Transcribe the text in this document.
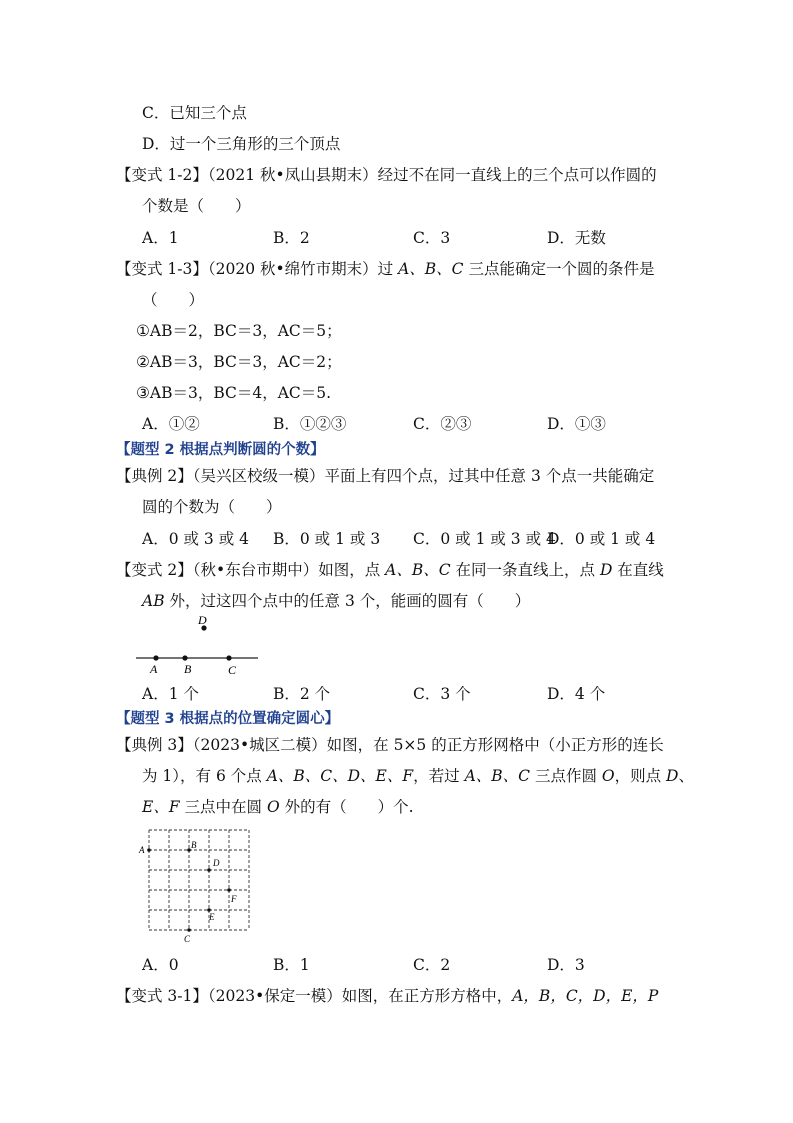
C．已知三个点
D．过一个三角形的三个顶点
【变式 1-2】（2021 秋•凤山县期末）经过不在同一直线上的三个点可以作圆的
个数是（　　）
A．1	B．2	C．3	D．无数
【变式 1-3】（2020 秋•绵竹市期末）过 A、B、C 三点能确定一个圆的条件是
（　　）
①AB＝2，BC＝3，AC＝5；
②AB＝3，BC＝3，AC＝2；
③AB＝3，BC＝4，AC＝5.
A．①②	B．①②③	C．②③	D．①③
【题型 2 根据点判断圆的个数】
【典例 2】（吴兴区校级一模）平面上有四个点，过其中任意 3 个点一共能确定
圆的个数为（　　）
A．0 或 3 或 4 B．0 或 1 或 3 C．0 或 1 或 3 或 4
D．0 或 1 或 4
【变式 2】（秋•东台市期中）如图，点 A、B、C 在同一条直线上，点 D 在直线
AB 外，过这四个点中的任意 3 个，能画的圆有（　　）
A B	C
D
A．1 个	B．2 个	C．3 个	D．4 个
【题型 3 根据点的位置确定圆心】
【典例 3】（2023•城区二模）如图，在 5×5 的正方形网格中（小正方形的连长
为 1），有 6 个点 A、B、C、D、E、F，若过 A、B、C 三点作圆 O，则点 D、
E、F 三点中在圆 O 外的有（　　）个.
A	B
C
D
E
F
A．0	B．1	C．2	D．3
【变式 3-1】（2023•保定一模）如图，在正方形方格中，A，B，C，D，E，P
